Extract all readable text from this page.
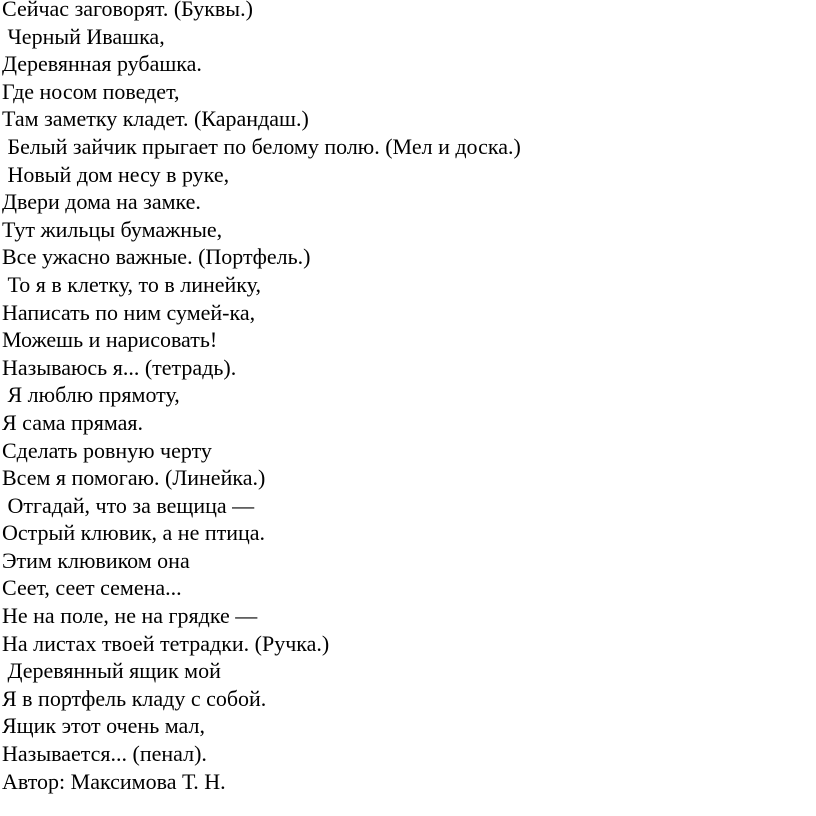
Сейчас заговорят. (Буквы.)

Черный Ивашка,

Деревянная рубашка.

Где носом поведет,

Там заметку кладет. (Карандаш.)

Белый зайчик прыгает по белому полю. (Мел и доска.)

Новый дом несу в руке,

Двери дома на замке.

Тут жильцы бумажные,

Все ужасно важные. (Портфель.)

То я в клетку, то в линейку,

Написать по ним сумей-ка,

Можешь и нарисовать!

Называюсь я... (тетрадь).

Я люблю прямоту,

Я сама прямая.

Сделать ровную черту

Всем я помогаю. (Линейка.)

Отгадай, что за вещица —

Острый клювик, а не птица.

Этим клювиком она

Сеет, сеет семена...

Не на поле, не на грядке —

На листах твоей тетрадки. (Ручка.)

Деревянный ящик мой

Я в портфель кладу с собой.

Ящик этот очень мал,

Называется... (пенал).

Автор: Максимова Т. Н.
